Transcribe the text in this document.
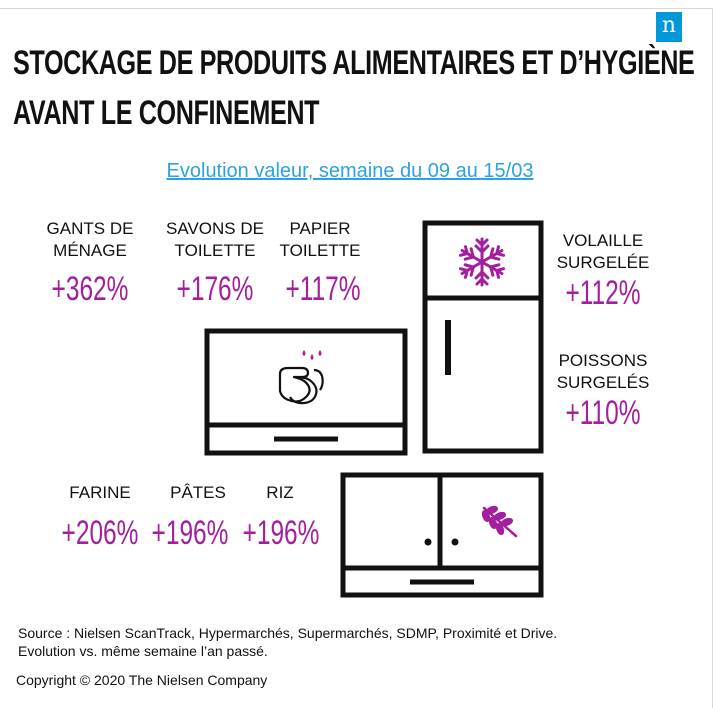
n
STOCKAGE DE PRODUITS ALIMENTAIRES ET D’HYGIÈNE
AVANT LE CONFINEMENT
Evolution valeur, semaine du 09 au 15/03
GANTS DE
MÉNAGE
+362%
SAVONS DE
TOILETTE
+176%
PAPIER
TOILETTE
+117%
VOLAILLE
SURGELÉE
+112%
POISSONS
SURGELÉS
+110%
FARINE
+206%
PÂTES
+196%
RIZ
+196%
Source : Nielsen ScanTrack, Hypermarchés, Supermarchés, SDMP, Proximité et Drive.
Evolution vs. même semaine l’an passé.
Copyright © 2020 The Nielsen Company
